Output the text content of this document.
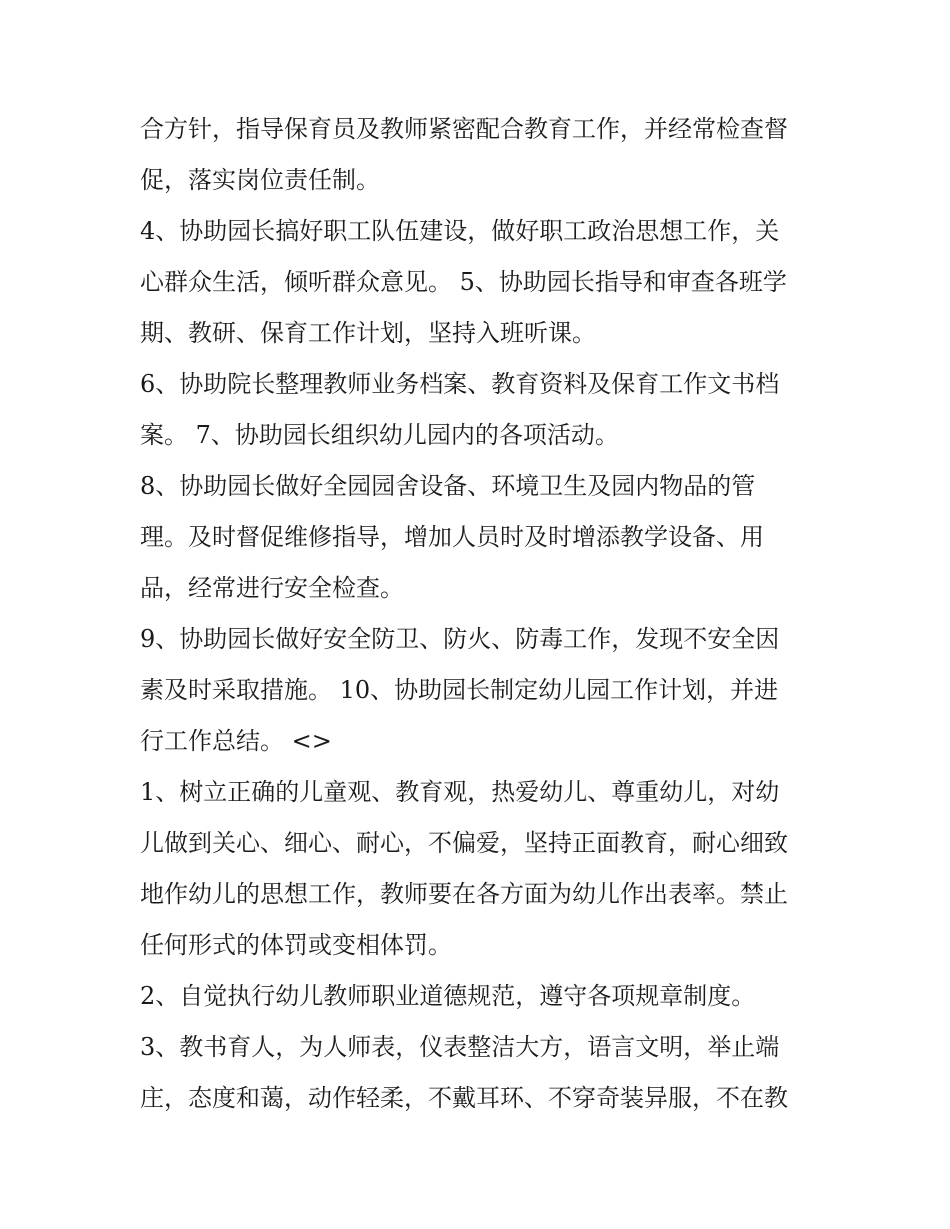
合方针，指导保育员及教师紧密配合教育工作，并经常检查督
促，落实岗位责任制。
4、协助园长搞好职工队伍建设，做好职工政治思想工作，关
心群众生活，倾听群众意见。 5、协助园长指导和审查各班学
期、教研、保育工作计划，坚持入班听课。
6、协助院长整理教师业务档案、教育资料及保育工作文书档
案。 7、协助园长组织幼儿园内的各项活动。
8、协助园长做好全园园舍设备、环境卫生及园内物品的管
理。及时督促维修指导，增加人员时及时增添教学设备、用
品，经常进行安全检查。
9、协助园长做好安全防卫、防火、防毒工作，发现不安全因
素及时采取措施。 10、协助园长制定幼儿园工作计划，并进
行工作总结。 <>
1、树立正确的儿童观、教育观，热爱幼儿、尊重幼儿，对幼
儿做到关心、细心、耐心，不偏爱，坚持正面教育，耐心细致
地作幼儿的思想工作，教师要在各方面为幼儿作出表率。禁止
任何形式的体罚或变相体罚。
2、自觉执行幼儿教师职业道德规范，遵守各项规章制度。
3、教书育人，为人师表，仪表整洁大方，语言文明，举止端
庄，态度和蔼，动作轻柔，不戴耳环、不穿奇装异服，不在教
